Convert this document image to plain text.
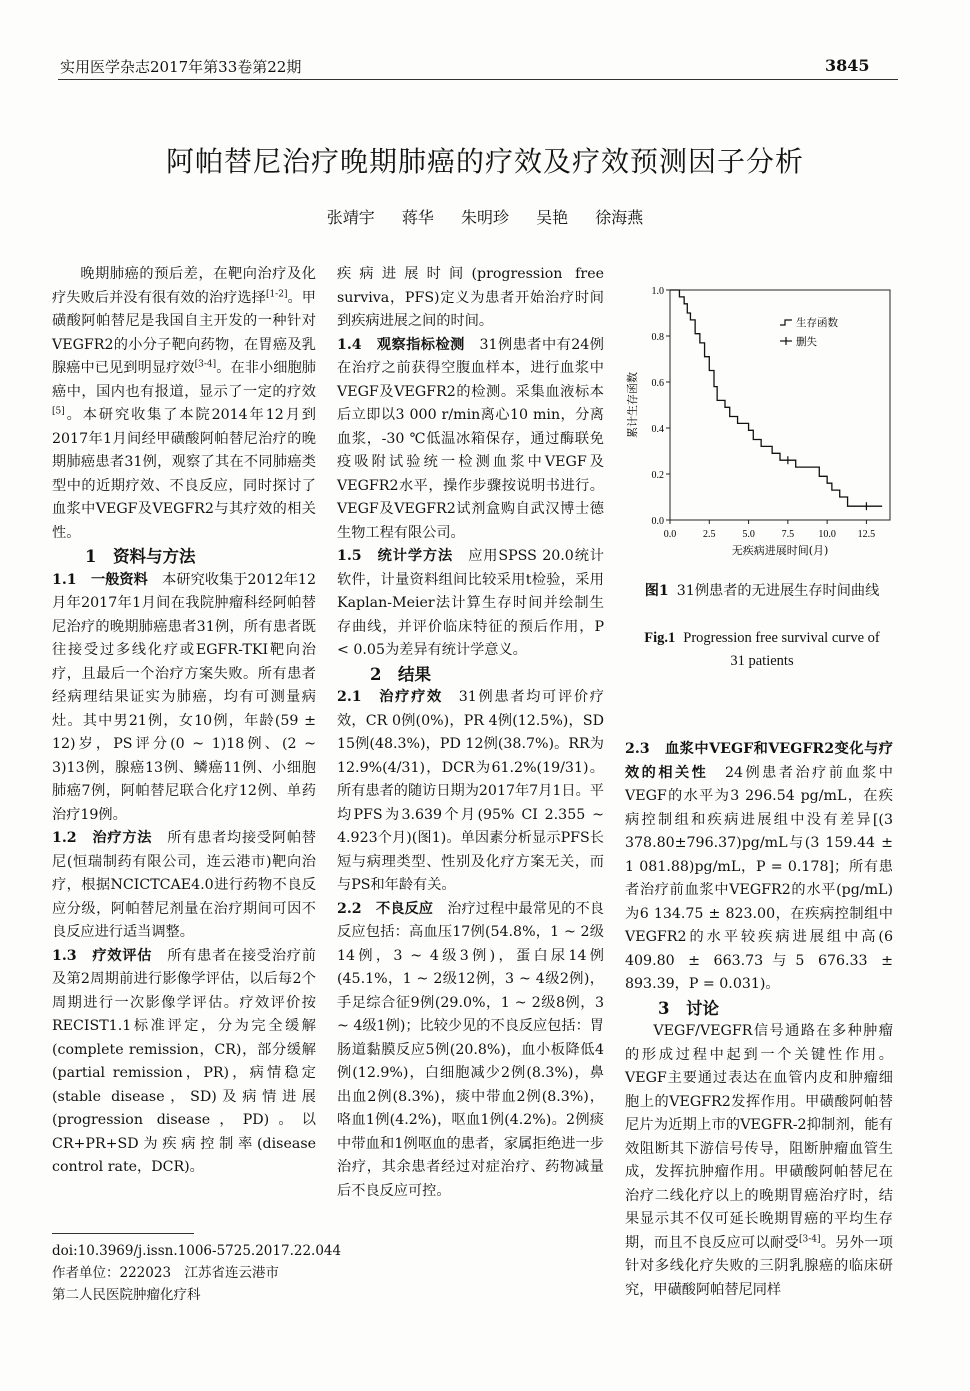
实用医学杂志2017年第33卷第22期	3845
阿帕替尼治疗晚期肺癌的疗效及疗效预测因子分析
张靖宇 蒋华 朱明珍 吴艳 徐海燕

晚期肺癌的预后差，在靶向治疗及化疗失败后并没有很有效的治疗选择[1-2]。甲磺酸阿帕替尼是我国自主开发的一种针对VEGFR2的小分子靶向药物，在胃癌及乳腺癌中已见到明显疗效[3-4]。在非小细胞肺癌中，国内也有报道，显示了一定的疗效[5]。本研究收集了本院2014年12月到2017年1月间经甲磺酸阿帕替尼治疗的晚期肺癌患者31例，观察了其在不同肺癌类型中的近期疗效、不良反应，同时探讨了血浆中VEGF及VEGFR2与其疗效的相关性。

1　资料与方法

1.1　一般资料　 本研究收集于2012年12月年2017年1月间在我院肿瘤科经阿帕替尼治疗的晚期肺癌患者31例，所有患者既往接受过多线化疗或EGFR-TKI靶向治疗，且最后一个治疗方案失败。所有患者经病理结果证实为肺癌，均有可测量病灶。其中男21例，女10例，年龄(59 ± 12)岁，PS评分(0 ~ 1)18例、(2 ~ 3)13例，腺癌13例、鳞癌11例、小细胞肺癌7例，阿帕替尼联合化疗12例、单药治疗19例。

1.2　治疗方法　 所有患者均接受阿帕替尼(恒瑞制药有限公司，连云港市)靶向治疗，根据NCICTCAE4.0进行药物不良反应分级，阿帕替尼剂量在治疗期间可因不良反应进行适当调整。

1.3　疗效评估　 所有患者在接受治疗前及第2周期前进行影像学评估，以后每2个周期进行一次影像学评估。疗效评价按RECIST1.1标准评定，分为完全缓解(complete remission，CR)，部分缓解(partial remission，PR)，病情稳定(stable disease，SD)及病情进展(progression disease，PD)。以CR+PR+SD为疾病控制率(disease control rate，DCR)。

doi:10.3969/j.issn.1006-5725.2017.22.044
作者单位：222023　江苏省连云港市
第二人民医院肿瘤化疗科

疾病进展时间(progression free surviva，PFS)定义为患者开始治疗时间到疾病进展之间的时间。

1.4　观察指标检测　 31例患者中有24例在治疗之前获得空腹血样本，进行血浆中VEGF及VEGFR2的检测。采集血液标本后立即以3 000 r/min离心10 min，分离血浆，-30 ℃低温冰箱保存，通过酶联免疫吸附试验统一检测血浆中VEGF及VEGFR2水平，操作步骤按说明书进行。VEGF及VEGFR2试剂盒购自武汉博士德生物工程有限公司。

1.5　统计学方法　 应用SPSS 20.0统计软件，计量资料组间比较采用t检验，采用Kaplan-Meier法计算生存时间并绘制生存曲线，并评价临床特征的预后作用，P < 0.05为差异有统计学意义。

2　结果

2.1　治疗疗效　 31例患者均可评价疗效，CR 0例(0%)，PR 4例(12.5%)，SD 15例(48.3%)，PD 12例(38.7%)。RR为12.9%(4/31)，DCR为61.2%(19/31)。所有患者的随访日期为2017年7月1日。平均PFS为3.639个月(95% CI 2.355 ~ 4.923个月)(图1)。单因素分析显示PFS长短与病理类型、性别及化疗方案无关，而与PS和年龄有关。

2.2　不良反应　 治疗过程中最常见的不良反应包括：高血压17例(54.8%，1 ~ 2级14例，3 ~ 4级3例)，蛋白尿14例(45.1%，1 ~ 2级12例，3 ~ 4级2例)，手足综合征9例(29.0%，1 ~ 2级8例，3 ~ 4级1例)；比较少见的不良反应包括：胃肠道黏膜反应5例(20.8%)，血小板降低4例(12.9%)，白细胞减少2例(8.3%)，鼻出血2例(8.3%)，痰中带血2例(8.3%)，咯血1例(4.2%)，呕血1例(4.2%)。2例痰中带血和1例呕血的患者，家属拒绝进一步治疗，其余患者经过对症治疗、药物减量后不良反应可控。

0.0
0.2
0.4
0.6
0.8
1.0
0.0	2.5	5.0	7.5 10.0 12.5
无疾病进展时间(月)
累计生存函数
生存函数
删失
图1 31例患者的无进展生存时间曲线
Fig.1 Progression free survival curve of
31 patients

2.3　血浆中VEGF和VEGFR2变化与疗效的相关性　 24例患者治疗前血浆中VEGF的水平为3 296.54 pg/mL，在疾病控制组和疾病进展组中没有差异[(3 378.80±796.37)pg/mL与(3 159.44 ± 1 081.88)pg/mL，P = 0.178]；所有患者治疗前血浆中VEGFR2的水平(pg/mL)为6 134.75 ± 823.00，在疾病控制组中VEGFR2的水平较疾病进展组中高(6 409.80 ± 663.73与5 676.33 ± 893.39，P = 0.031)。

3　讨论

VEGF/VEGFR信号通路在多种肿瘤的形成过程中起到一个关键性作用。VEGF主要通过表达在血管内皮和肿瘤细胞上的VEGFR2发挥作用。甲磺酸阿帕替尼片为近期上市的VEGFR-2抑制剂，能有效阻断其下游信号传导，阻断肿瘤血管生成，发挥抗肿瘤作用。甲磺酸阿帕替尼在治疗二线化疗以上的晚期胃癌治疗时，结果显示其不仅可延长晚期胃癌的平均生存期，而且不良反应可以耐受[3-4]。另外一项针对多线化疗失败的三阴乳腺癌的临床研究，甲磺酸阿帕替尼同样
